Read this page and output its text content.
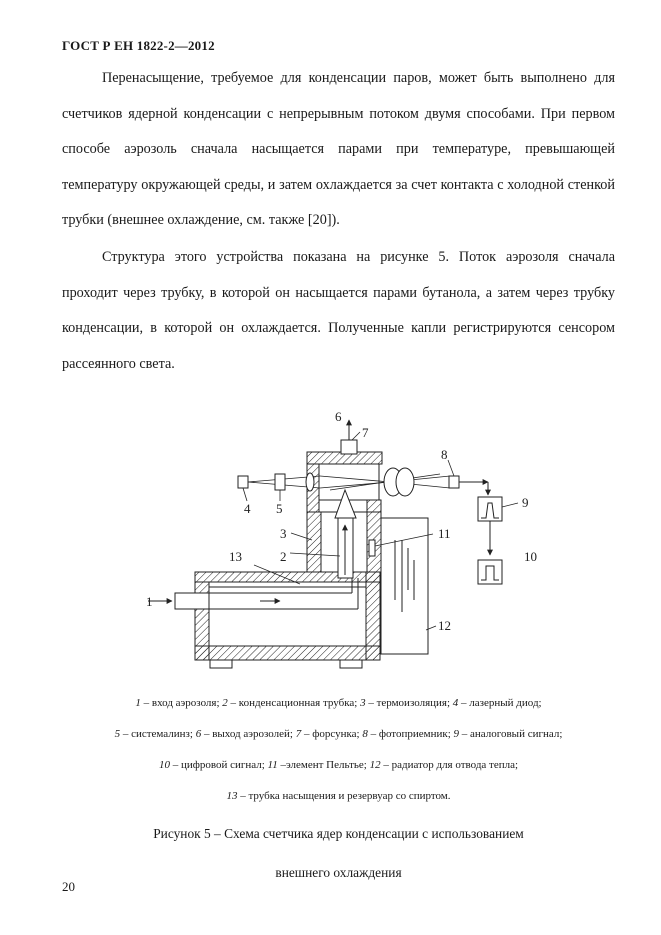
ГОСТ Р ЕН 1822-2—2012
Перенасыщение, требуемое для конденсации паров, может быть выполнено для счетчиков ядерной конденсации с непрерывным потоком двумя способами. При первом способе аэрозоль сначала насыщается парами при температуре, превышающей температуру окружающей среды, и затем охлаждается за счет контакта с холодной стенкой трубки (внешнее охлаждение, см. также [20]).
Структура этого устройства показана на рисунке 5. Поток аэрозоля сначала проходит через трубку, в которой он насыщается парами бутанола, а затем через трубку конденсации, в которой он охлаждается. Полученные капли регистрируются сенсором рассеянного света.
1
2
3
4 5
6
7
8
9
10
11
12
13
1 – вход аэрозоля; 2 – конденсационная трубка; 3 – термоизоляция; 4 – лазерный диод;
5 – системалинз; 6 – выход аэрозолей; 7 – форсунка; 8 – фотоприемник; 9 – аналоговый сигнал;
10 – цифровой сигнал; 11 –элемент Пельтье; 12 – радиатор для отвода тепла;
13 – трубка насыщения и резервуар со спиртом.
Рисунок 5 – Схема счетчика ядер конденсации с использованием
внешнего охлаждения
20
